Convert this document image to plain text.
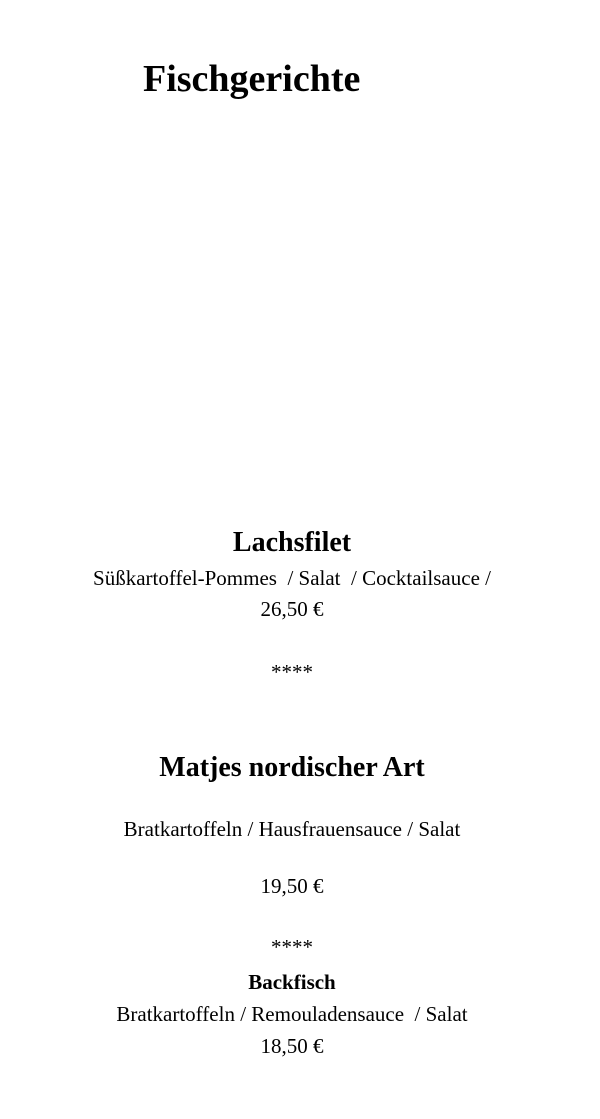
Fischgerichte
Lachsfilet
Süßkartoffel-Pommes  / Salat  / Cocktailsauce /
26,50 €
****
Matjes nordischer Art
Bratkartoffeln / Hausfrauensauce / Salat
19,50 €
****
Backfisch
Bratkartoffeln / Remouladensauce  / Salat
18,50 €
